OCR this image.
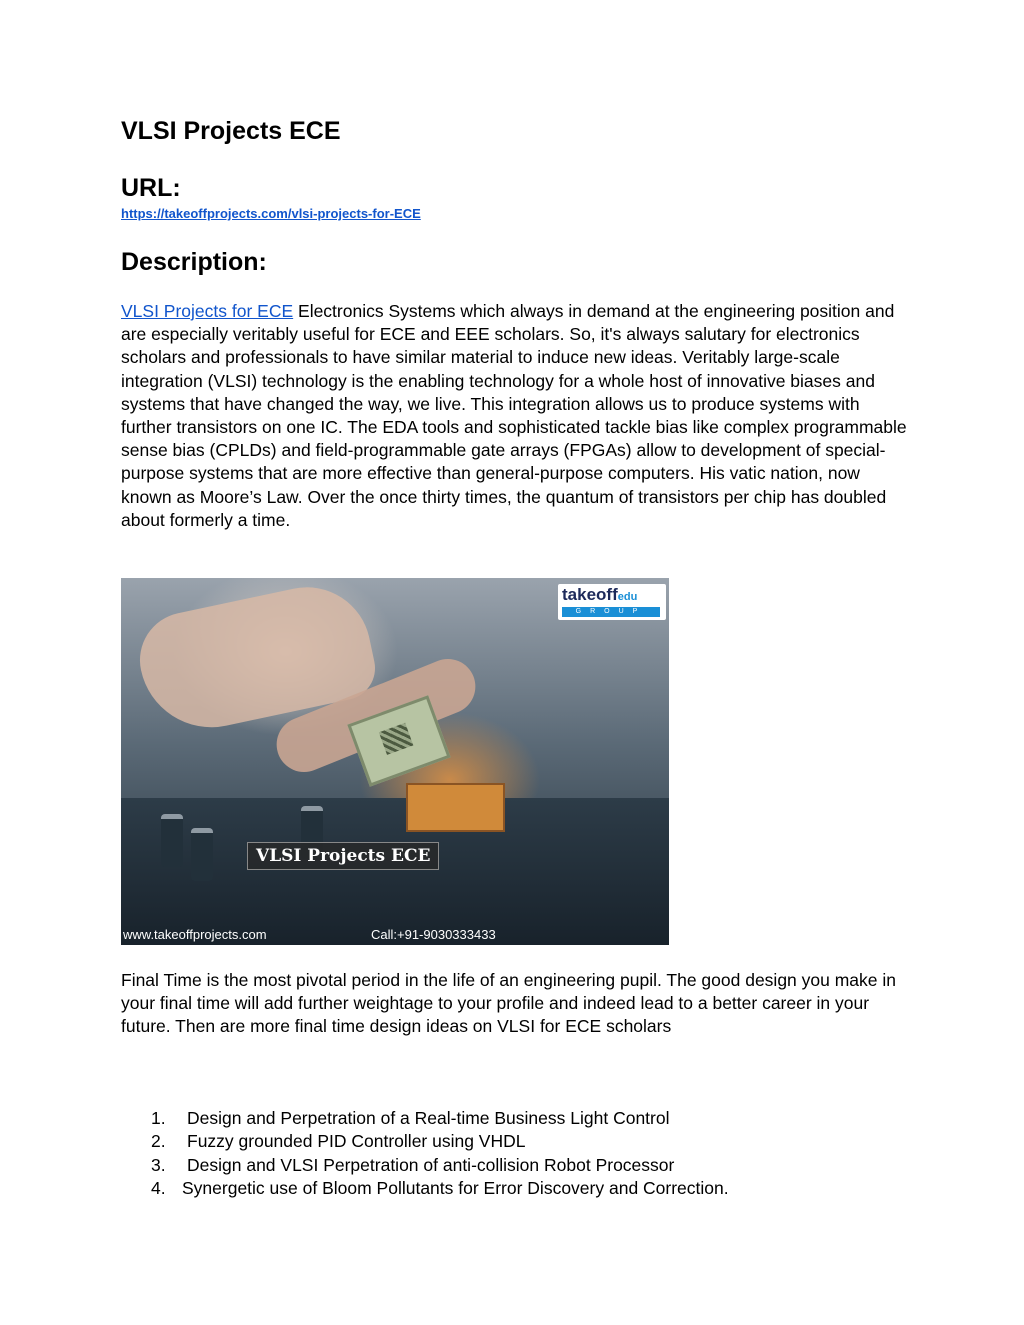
VLSI Projects ECE
URL:
https://takeoffprojects.com/vlsi-projects-for-ECE
Description:

VLSI Projects for ECE Electronics Systems which always in demand at the engineering position and are especially veritably useful for ECE and EEE scholars. So, it's always salutary for electronics scholars and professionals to have similar material to induce new ideas. Veritably large-scale integration (VLSI) technology is the enabling technology for a whole host of innovative biases and systems that have changed the way, we live. This integration allows us to produce systems with further transistors on one IC. The EDA tools and sophisticated tackle bias like complex programmable sense bias (CPLDs) and field-programmable gate arrays (FPGAs) allow to development of special-purpose systems that are more effective than general-purpose computers. His vatic nation, now known as Moore’s Law. Over the once thirty times, the quantum of transistors per chip has doubled about formerly a time.

takeoffedu
GROUP
VLSI Projects ECE
www.takeoffprojects.com	Call:+91-9030333433

Final Time is the most pivotal period in the life of an engineering pupil. The good design you make in your final time will add further weightage to your profile and indeed lead to a better career in your future. Then are more final time design ideas on VLSI for ECE scholars

1. Design and Perpetration of a Real-time Business Light Control
2. Fuzzy grounded PID Controller using VHDL
3. Design and VLSI Perpetration of anti-collision Robot Processor
4. Synergetic use of Bloom Pollutants for Error Discovery and Correction.
